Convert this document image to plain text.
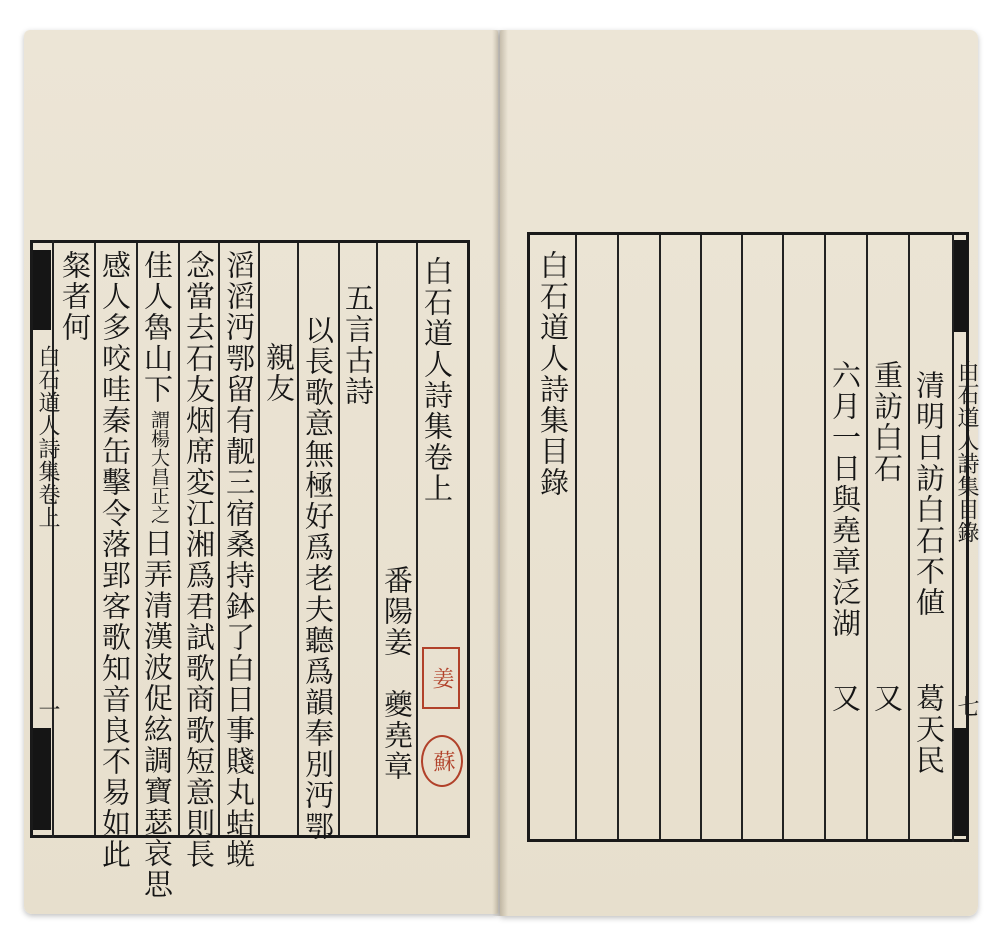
白石道人詩集卷上
一
白石道人詩集卷上
番陽姜　夔堯章
五言古詩
以長歌意無極好爲老夫聽爲韻奉別沔鄂
親友
滔滔沔鄂留有靓三宿桑持鉢了白日事賤丸蛣蜣
念當去石友烟席変江湘爲君試歌商歌短意則長
佳人魯山下
謂楊大昌正之
日弄清漢波促絃調寶瑟哀思
感人多咬哇秦缶擊令落郢客歌知音良不易如此
粲者何
姜
蘇
白石道人詩集目錄
七
白石道人詩集目錄	清明日訪白石不値
葛天民
重訪白石
又
六月一日與堯章泛湖
又
